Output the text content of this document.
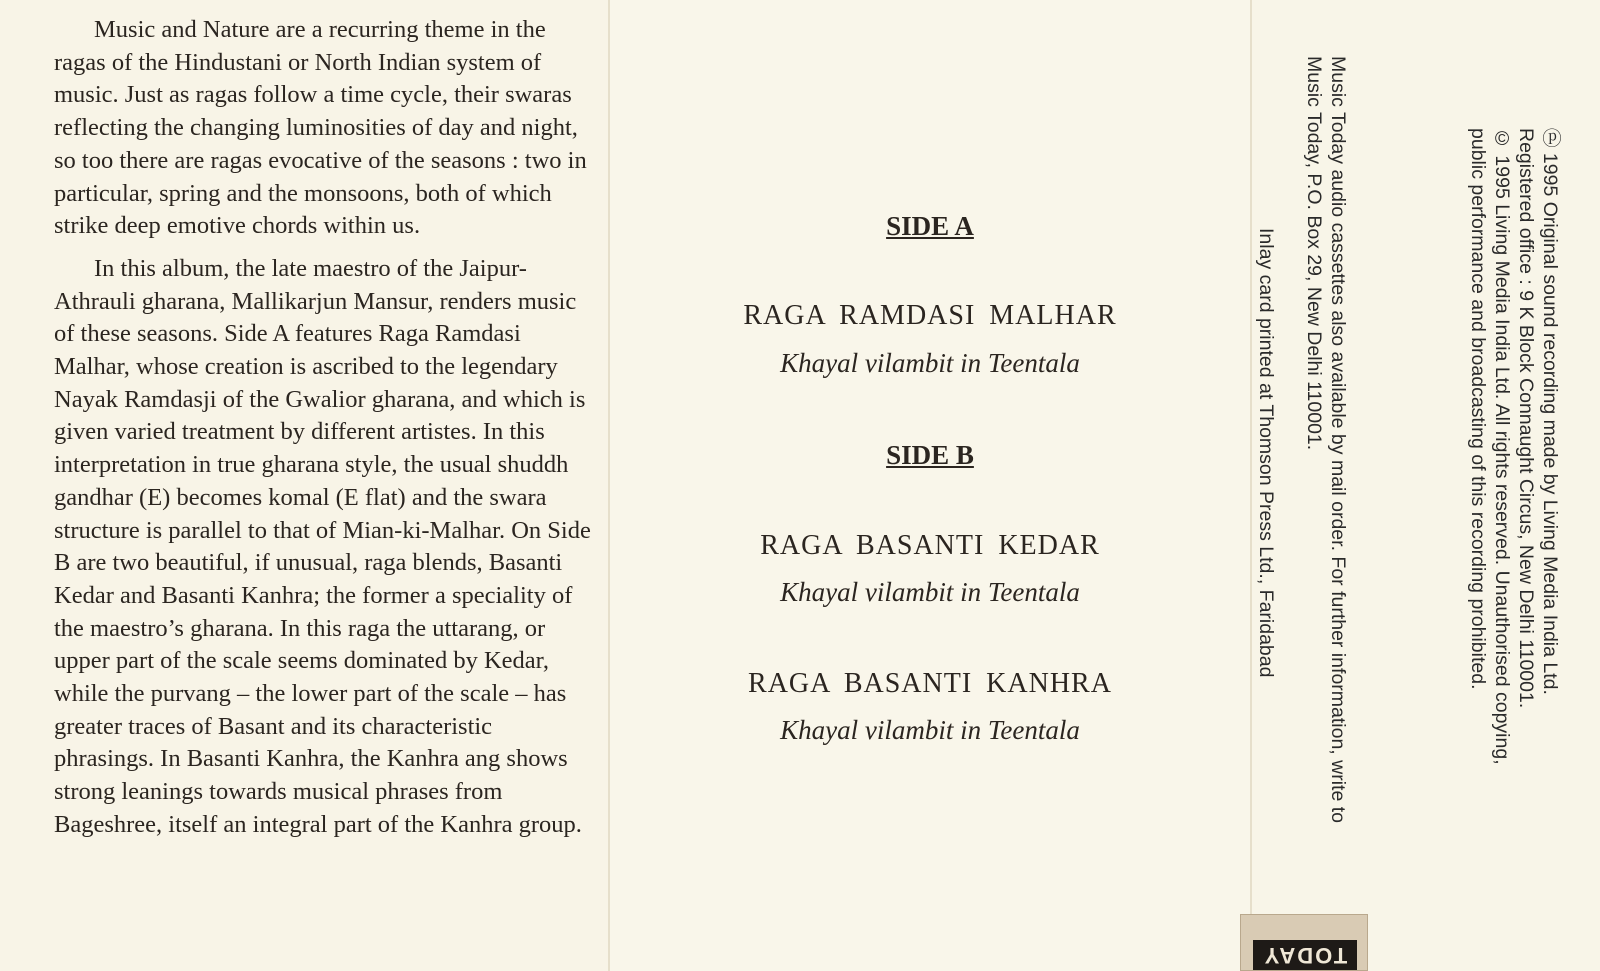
Music and Nature are a recurring theme in the ragas of the Hindustani or North Indian system of music. Just as ragas follow a time cycle, their swaras reflecting the changing luminosities of day and night, so too there are ragas evocative of the seasons : two in particular, spring and the monsoons, both of which strike deep emotive chords within us.

In this album, the late maestro of the Jaipur-Athrauli gharana, Mallikarjun Mansur, renders music of these seasons. Side A features Raga Ramdasi Malhar, whose creation is ascribed to the legendary Nayak Ramdasji of the Gwalior gharana, and which is given varied treatment by different artistes. In this interpretation in true gharana style, the usual shuddh gandhar (E) becomes komal (E flat) and the swara structure is parallel to that of Mian-ki-Malhar. On Side B are two beautiful, if unusual, raga blends, Basanti Kedar and Basanti Kanhra; the former a speciality of the maestro’s gharana. In this raga the uttarang, or upper part of the scale seems dominated by Kedar, while the purvang – the lower part of the scale – has greater traces of Basant and its characteristic phrasings. In Basanti Kanhra, the Kanhra ang shows strong leanings towards musical phrases from Bageshree, itself an integral part of the Kanhra group.

SIDE A
RAGA RAMDASI MALHAR
Khayal vilambit in Teentala
SIDE B
RAGA BASANTI KEDAR
Khayal vilambit in Teentala
RAGA BASANTI KANHRA
Khayal vilambit in Teentala
ⓟ 1995 Original sound recording made by Living Media India Ltd.
Registered office : 9 K Block Connaught Circus, New Delhi 110001.
© 1995 Living Media India Ltd. All rights reserved. Unauthorised copying,
public performance and broadcasting of this recording prohibited.
Music Today audio cassettes also available by mail order. For further information, write to
Music Today, P.O. Box 29, New Delhi 110001.
Inlay card printed at Thomson Press Ltd., Faridabad
TODAY
